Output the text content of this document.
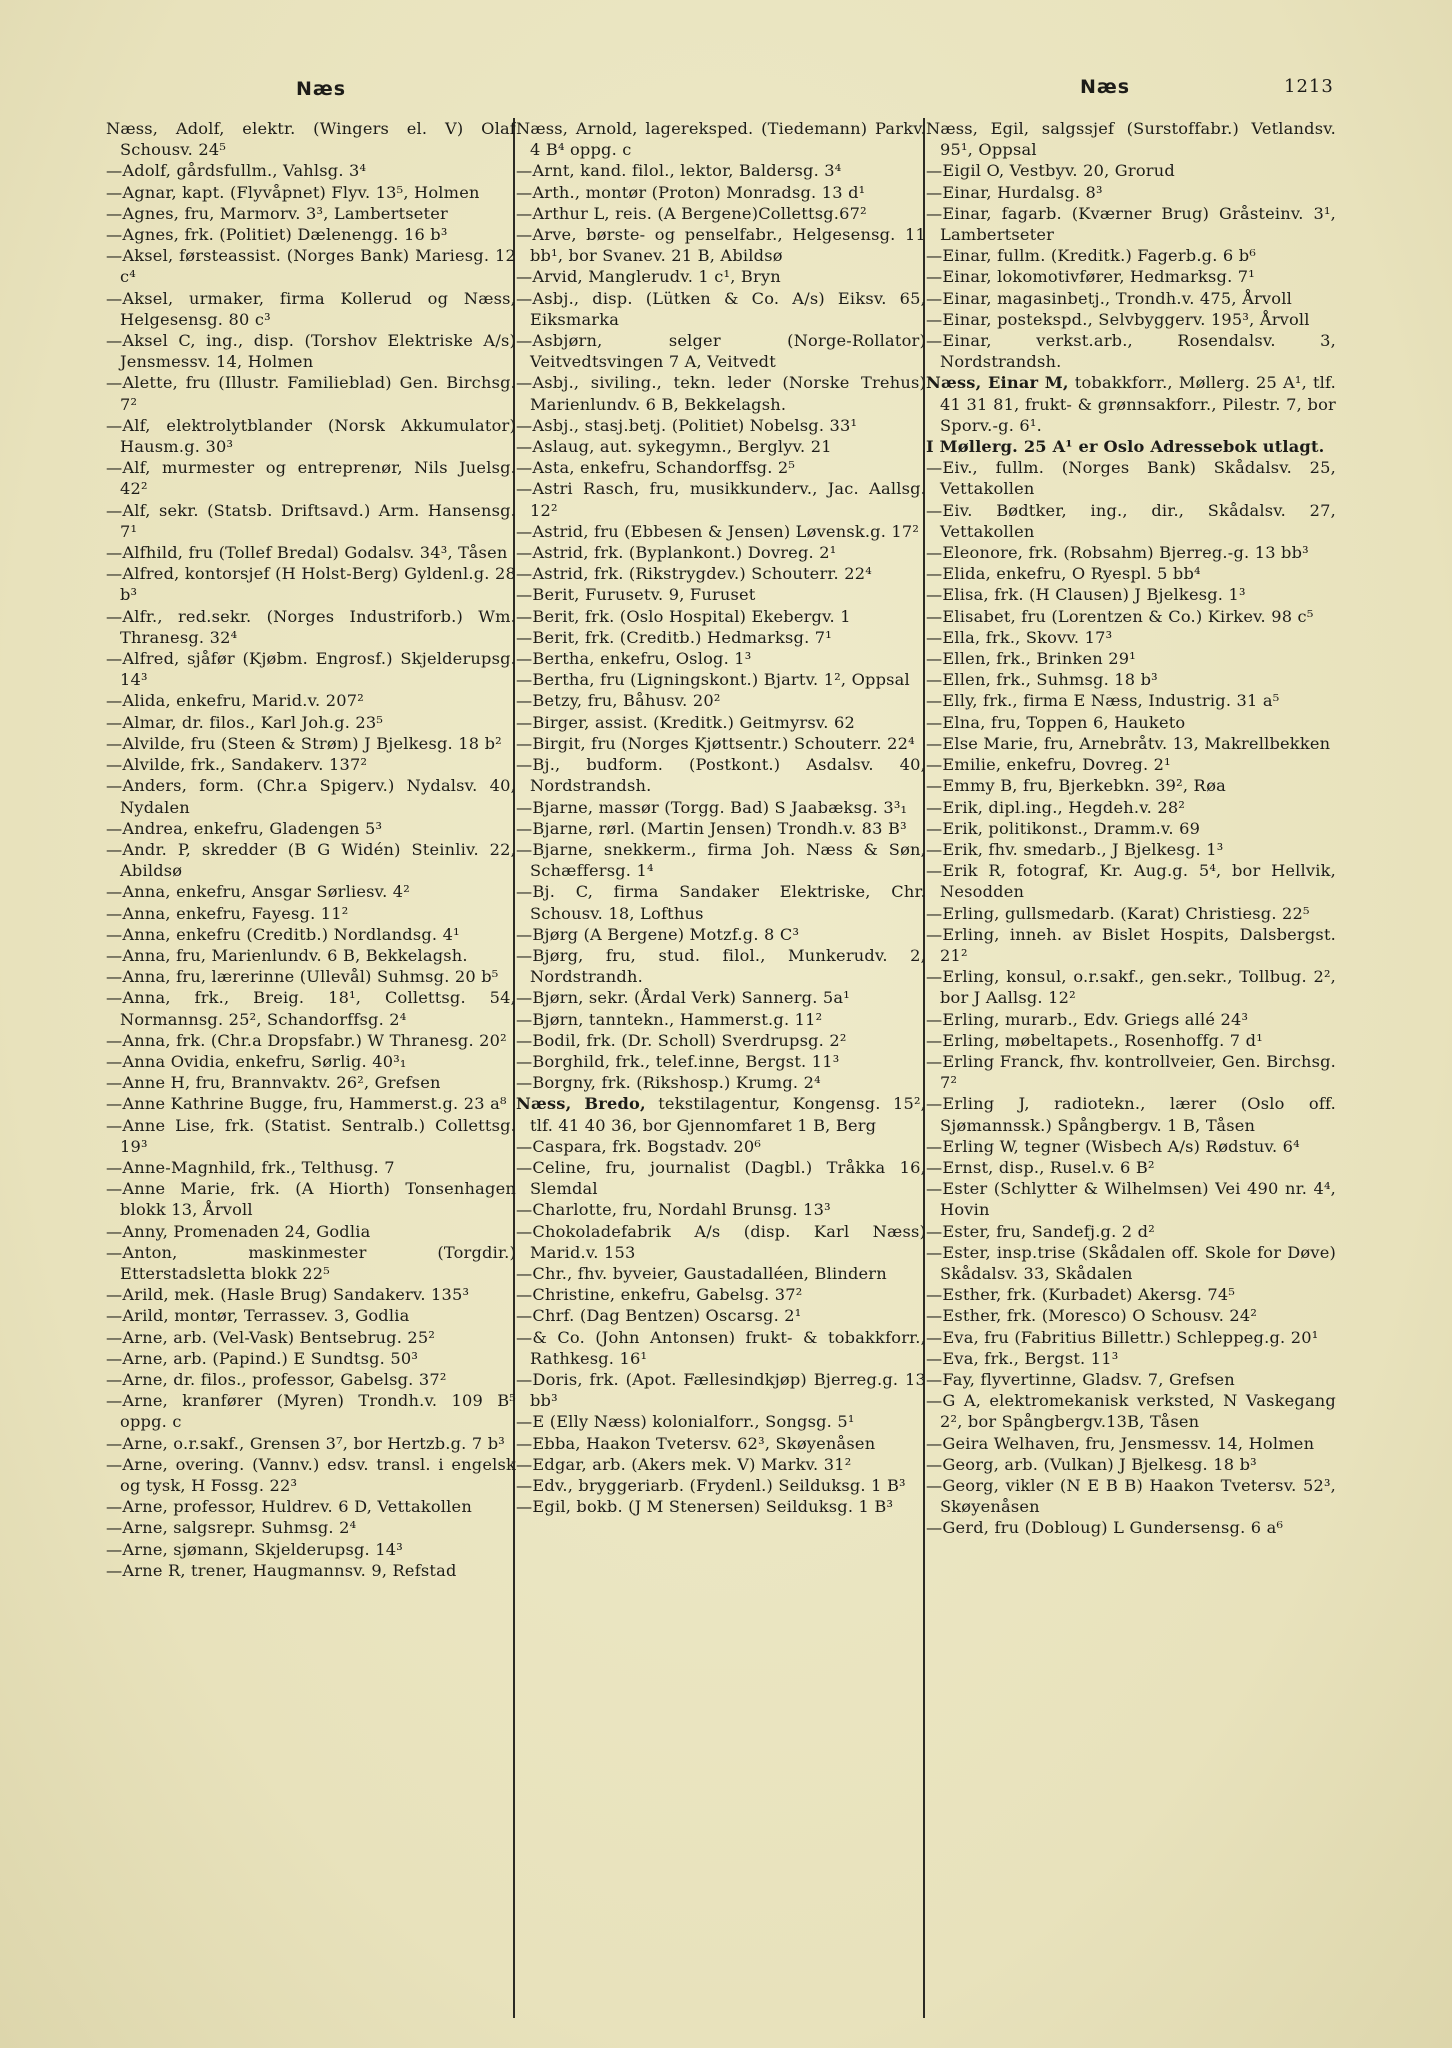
Næs	Næs	1213

Næss, Adolf, elektr. (Wingers el. V) Olaf Schousv. 24⁵

—Adolf, gårdsfullm., Vahlsg. 3⁴

—Agnar, kapt. (Flyvåpnet) Flyv. 13⁵, Holmen

—Agnes, fru, Marmorv. 3³, Lambertseter

—Agnes, frk. (Politiet) Dælenengg. 16 b³

—Aksel, førsteassist. (Norges Bank) Mariesg. 12 c⁴

—Aksel, urmaker, firma Kollerud og Næss, Helgesensg. 80 c³

—Aksel C, ing., disp. (Torshov Elektriske A/s) Jensmessv. 14, Holmen

—Alette, fru (Illustr. Familieblad) Gen. Birchsg. 7²

—Alf, elektrolytblander (Norsk Akkumulator) Hausm.g. 30³

—Alf, murmester og entreprenør, Nils Juelsg. 42²

—Alf, sekr. (Statsb. Driftsavd.) Arm. Hansensg. 7¹

—Alfhild, fru (Tollef Bredal) Godalsv. 34³, Tåsen

—Alfred, kontorsjef (H Holst-Berg) Gyldenl.g. 28 b³

—Alfr., red.sekr. (Norges Industriforb.) Wm. Thranesg. 32⁴

—Alfred, sjåfør (Kjøbm. Engrosf.) Skjelderupsg. 14³

—Alida, enkefru, Marid.v. 207²

—Almar, dr. filos., Karl Joh.g. 23⁵

—Alvilde, fru (Steen & Strøm) J Bjelkesg. 18 b²

—Alvilde, frk., Sandakerv. 137²

—Anders, form. (Chr.a Spigerv.) Nydalsv. 40, Nydalen

—Andrea, enkefru, Gladengen 5³

—Andr. P, skredder (B G Widén) Steinliv. 22, Abildsø

—Anna, enkefru, Ansgar Sørliesv. 4²

—Anna, enkefru, Fayesg. 11²

—Anna, enkefru (Creditb.) Nordlandsg. 4¹

—Anna, fru, Marienlundv. 6 B, Bekkelagsh.

—Anna, fru, lærerinne (Ullevål) Suhmsg. 20 b⁵

—Anna, frk., Breig. 18¹, Collettsg. 54, Normannsg. 25², Schandorffsg. 2⁴

—Anna, frk. (Chr.a Dropsfabr.) W Thranesg. 20²

—Anna Ovidia, enkefru, Sørlig. 40³₁

—Anne H, fru, Brannvaktv. 26², Grefsen

—Anne Kathrine Bugge, fru, Hammerst.g. 23 a⁸

—Anne Lise, frk. (Statist. Sentralb.) Collettsg. 19³

—Anne-Magnhild, frk., Telthusg. 7

—Anne Marie, frk. (A Hiorth) Tonsenhagen blokk 13, Årvoll

—Anny, Promenaden 24, Godlia

—Anton, maskinmester (Torgdir.) Etterstadsletta blokk 22⁵

—Arild, mek. (Hasle Brug) Sandakerv. 135³

—Arild, montør, Terrassev. 3, Godlia

—Arne, arb. (Vel-Vask) Bentsebrug. 25²

—Arne, arb. (Papind.) E Sundtsg. 50³

—Arne, dr. filos., professor, Gabelsg. 37²

—Arne, kranfører (Myren) Trondh.v. 109 B⁵ oppg. c

—Arne, o.r.sakf., Grensen 3⁷, bor Hertzb.g. 7 b³

—Arne, overing. (Vannv.) edsv. transl. i engelsk og tysk, H Fossg. 22³

—Arne, professor, Huldrev. 6 D, Vettakollen

—Arne, salgsrepr. Suhmsg. 2⁴

—Arne, sjømann, Skjelderupsg. 14³

—Arne R, trener, Haugmannsv. 9, Refstad

Næss, Arnold, lagereksped. (Tiedemann) Parkv. 4 B⁴ oppg. c

—Arnt, kand. filol., lektor, Baldersg. 3⁴

—Arth., montør (Proton) Monradsg. 13 d¹

—Arthur L, reis. (A Bergene)Collettsg.67²

—Arve, børste- og penselfabr., Helgesensg. 11 bb¹, bor Svanev. 21 B, Abildsø

—Arvid, Manglerudv. 1 c¹, Bryn

—Asbj., disp. (Lütken & Co. A/s) Eiksv. 65, Eiksmarka

—Asbjørn, selger (Norge-Rollator) Veitvedtsvingen 7 A, Veitvedt

—Asbj., siviling., tekn. leder (Norske Trehus) Marienlundv. 6 B, Bekkelagsh.

—Asbj., stasj.betj. (Politiet) Nobelsg. 33¹

—Aslaug, aut. sykegymn., Berglyv. 21

—Asta, enkefru, Schandorffsg. 2⁵

—Astri Rasch, fru, musikkunderv., Jac. Aallsg. 12²

—Astrid, fru (Ebbesen & Jensen) Løvensk.g. 17²

—Astrid, frk. (Byplankont.) Dovreg. 2¹

—Astrid, frk. (Rikstrygdev.) Schouterr. 22⁴

—Berit, Furusetv. 9, Furuset

—Berit, frk. (Oslo Hospital) Ekebergv. 1

—Berit, frk. (Creditb.) Hedmarksg. 7¹

—Bertha, enkefru, Oslog. 1³

—Bertha, fru (Ligningskont.) Bjartv. 1², Oppsal

—Betzy, fru, Båhusv. 20²

—Birger, assist. (Kreditk.) Geitmyrsv. 62

—Birgit, fru (Norges Kjøttsentr.) Schouterr. 22⁴

—Bj., budform. (Postkont.) Asdalsv. 40, Nordstrandsh.

—Bjarne, massør (Torgg. Bad) S Jaabæksg. 3³₁

—Bjarne, rørl. (Martin Jensen) Trondh.v. 83 B³

—Bjarne, snekkerm., firma Joh. Næss & Søn, Schæffersg. 1⁴

—Bj. C, firma Sandaker Elektriske, Chr. Schousv. 18, Lofthus

—Bjørg (A Bergene) Motzf.g. 8 C³

—Bjørg, fru, stud. filol., Munkerudv. 2, Nordstrandh.

—Bjørn, sekr. (Årdal Verk) Sannerg. 5a¹

—Bjørn, tanntekn., Hammerst.g. 11²

—Bodil, frk. (Dr. Scholl) Sverdrupsg. 2²

—Borghild, frk., telef.inne, Bergst. 11³

—Borgny, frk. (Rikshosp.) Krumg. 2⁴

Næss, Bredo, tekstilagentur, Kongensg. 15², tlf. 41 40 36, bor Gjennomfaret 1 B, Berg

—Caspara, frk. Bogstadv. 20⁶

—Celine, fru, journalist (Dagbl.) Tråkka 16, Slemdal

—Charlotte, fru, Nordahl Brunsg. 13³

—Chokoladefabrik A/s (disp. Karl Næss) Marid.v. 153

—Chr., fhv. byveier, Gaustadalléen, Blindern

—Christine, enkefru, Gabelsg. 37²

—Chrf. (Dag Bentzen) Oscarsg. 2¹

—& Co. (John Antonsen) frukt- & tobakkforr., Rathkesg. 16¹

—Doris, frk. (Apot. Fællesindkjøp) Bjerreg.g. 13 bb³

—E (Elly Næss) kolonialforr., Songsg. 5¹

—Ebba, Haakon Tvetersv. 62³, Skøyenåsen

—Edgar, arb. (Akers mek. V) Markv. 31²

—Edv., bryggeriarb. (Frydenl.) Seilduksg. 1 B³

—Egil, bokb. (J M Stenersen) Seilduksg. 1 B³

Næss, Egil, salgssjef (Surstoffabr.) Vetlandsv. 95¹, Oppsal

—Eigil O, Vestbyv. 20, Grorud

—Einar, Hurdalsg. 8³

—Einar, fagarb. (Kværner Brug) Gråsteinv. 3¹, Lambertseter

—Einar, fullm. (Kreditk.) Fagerb.g. 6 b⁶

—Einar, lokomotivfører, Hedmarksg. 7¹

—Einar, magasinbetj., Trondh.v. 475, Årvoll

—Einar, postekspd., Selvbyggerv. 195³, Årvoll

—Einar, verkst.arb., Rosendalsv. 3, Nordstrandsh.

Næss, Einar M, tobakkforr., Møllerg. 25 A¹, tlf. 41 31 81, frukt- & grønnsakforr., Pilestr. 7, bor Sporv.-g. 6¹.

I Møllerg. 25 A¹ er Oslo Adressebok utlagt.

—Eiv., fullm. (Norges Bank) Skådalsv. 25, Vettakollen

—Eiv. Bødtker, ing., dir., Skådalsv. 27, Vettakollen

—Eleonore, frk. (Robsahm) Bjerreg.-g. 13 bb³

—Elida, enkefru, O Ryespl. 5 bb⁴

—Elisa, frk. (H Clausen) J Bjelkesg. 1³

—Elisabet, fru (Lorentzen & Co.) Kirkev. 98 c⁵

—Ella, frk., Skovv. 17³

—Ellen, frk., Brinken 29¹

—Ellen, frk., Suhmsg. 18 b³

—Elly, frk., firma E Næss, Industrig. 31 a⁵

—Elna, fru, Toppen 6, Hauketo

—Else Marie, fru, Arnebråtv. 13, Makrellbekken

—Emilie, enkefru, Dovreg. 2¹

—Emmy B, fru, Bjerkebkn. 39², Røa

—Erik, dipl.ing., Hegdeh.v. 28²

—Erik, politikonst., Dramm.v. 69

—Erik, fhv. smedarb., J Bjelkesg. 1³

—Erik R, fotograf, Kr. Aug.g. 5⁴, bor Hellvik, Nesodden

—Erling, gullsmedarb. (Karat) Christiesg. 22⁵

—Erling, inneh. av Bislet Hospits, Dalsbergst. 21²

—Erling, konsul, o.r.sakf., gen.sekr., Tollbug. 2², bor J Aallsg. 12²

—Erling, murarb., Edv. Griegs allé 24³

—Erling, møbeltapets., Rosenhoffg. 7 d¹

—Erling Franck, fhv. kontrollveier, Gen. Birchsg. 7²

—Erling J, radiotekn., lærer (Oslo off. Sjømannssk.) Spångbergv. 1 B, Tåsen

—Erling W, tegner (Wisbech A/s) Rødstuv. 6⁴

—Ernst, disp., Rusel.v. 6 B²

—Ester (Schlytter & Wilhelmsen) Vei 490 nr. 4⁴, Hovin

—Ester, fru, Sandefj.g. 2 d²

—Ester, insp.trise (Skådalen off. Skole for Døve) Skådalsv. 33, Skådalen

—Esther, frk. (Kurbadet) Akersg. 74⁵

—Esther, frk. (Moresco) O Schousv. 24²

—Eva, fru (Fabritius Billettr.) Schleppeg.g. 20¹

—Eva, frk., Bergst. 11³

—Fay, flyvertinne, Gladsv. 7, Grefsen

—G A, elektromekanisk verksted, N Vaskegang 2², bor Spångbergv.13B, Tåsen

—Geira Welhaven, fru, Jensmessv. 14, Holmen

—Georg, arb. (Vulkan) J Bjelkesg. 18 b³

—Georg, vikler (N E B B) Haakon Tvetersv. 52³, Skøyenåsen

—Gerd, fru (Dobloug) L Gundersensg. 6 a⁶
